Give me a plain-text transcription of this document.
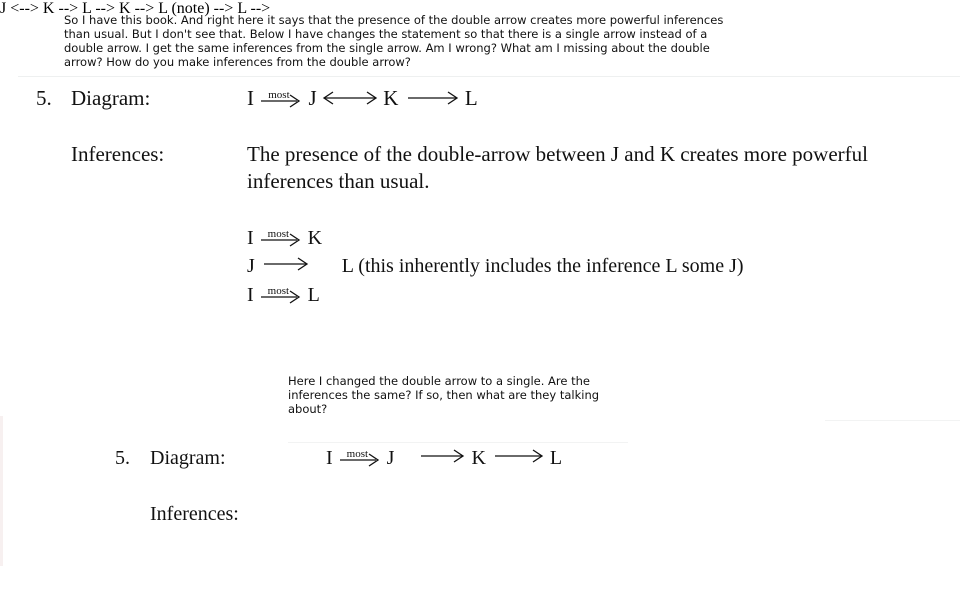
So I have this book. And right here it says that the presence of the double arrow creates more powerful inferences
than usual. But I don't see that. Below I have changes the statement so that there is a single arrow instead of a
double arrow. I get the same inferences from the single arrow. Am I wrong? What am I missing about the double
arrow? How do you make inferences from the double arrow?
5. Diagram:
J <--> K --> L -->
I most J	K	L
Inferences:	The presence of the double-arrow between J and K creates more powerful
inferences than usual.
K -->
I most K
L (note) -->
J	L (this inherently includes the inference L some J)
L -->
I most L
Here I changed the double arrow to a single. Are the
inferences the same? If so, then what are they talking
about?
5. Diagram:	I most J	K	L
Inferences:
